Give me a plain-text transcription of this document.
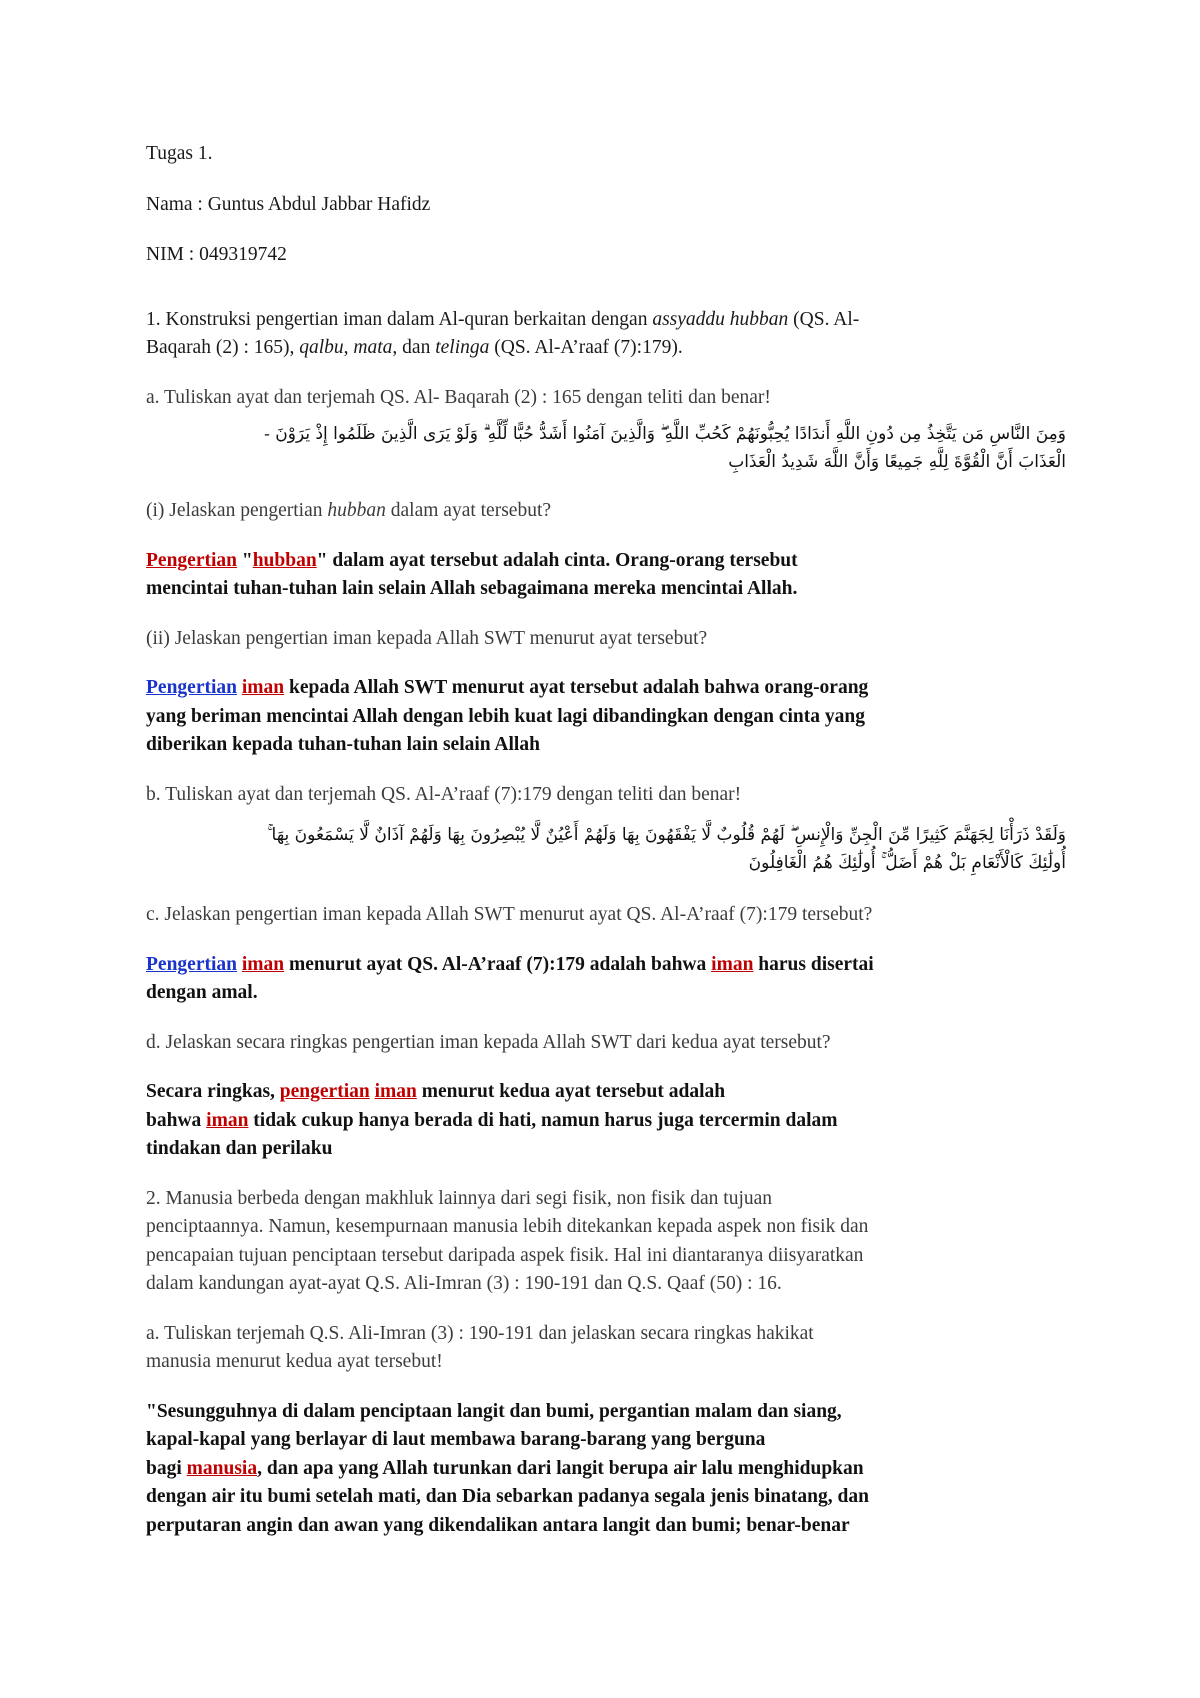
Tugas 1.

Nama : Guntus Abdul Jabbar Hafidz

NIM : 049319742

1. Konstruksi pengertian iman dalam Al-quran berkaitan dengan assyaddu hubban (QS. Al-
Baqarah (2) : 165), qalbu, mata, dan telinga (QS. Al-A’raaf (7):179).

a. Tuliskan ayat dan terjemah QS. Al- Baqarah (2) : 165 dengan teliti dan benar!

وَمِنَ النَّاسِ مَن يَتَّخِذُ مِن دُونِ اللَّهِ أَندَادًا يُحِبُّونَهُمْ كَحُبِّ اللَّهِ ۖ وَالَّذِينَ آمَنُوا أَشَدُّ حُبًّا لِّلَّهِ ۗ وَلَوْ يَرَى الَّذِينَ ظَلَمُوا إِذْ يَرَوْنَ -

الْعَذَابَ أَنَّ الْقُوَّةَ لِلَّهِ جَمِيعًا وَأَنَّ اللَّهَ شَدِيدُ الْعَذَابِ

(i) Jelaskan pengertian hubban dalam ayat tersebut?

Pengertian "hubban" dalam ayat tersebut adalah cinta. Orang-orang tersebut
mencintai tuhan-tuhan lain selain Allah sebagaimana mereka mencintai Allah.

(ii) Jelaskan pengertian iman kepada Allah SWT menurut ayat tersebut?

Pengertian iman kepada Allah SWT menurut ayat tersebut adalah bahwa orang-orang
yang beriman mencintai Allah dengan lebih kuat lagi dibandingkan dengan cinta yang
diberikan kepada tuhan-tuhan lain selain Allah

b. Tuliskan ayat dan terjemah QS. Al-A’raaf (7):179 dengan teliti dan benar!

وَلَقَدْ ذَرَأْنَا لِجَهَنَّمَ كَثِيرًا مِّنَ الْجِنِّ وَالْإِنسِ ۖ لَهُمْ قُلُوبٌ لَّا يَفْقَهُونَ بِهَا وَلَهُمْ أَعْيُنٌ لَّا يُبْصِرُونَ بِهَا وَلَهُمْ آذَانٌ لَّا يَسْمَعُونَ بِهَا ۚ

أُولَٰئِكَ كَالْأَنْعَامِ بَلْ هُمْ أَضَلُّ ۚ أُولَٰئِكَ هُمُ الْغَافِلُونَ

c. Jelaskan pengertian iman kepada Allah SWT menurut ayat QS. Al-A’raaf (7):179 tersebut?

Pengertian iman menurut ayat QS. Al-A’raaf (7):179 adalah bahwa iman harus disertai
dengan amal.

d. Jelaskan secara ringkas pengertian iman kepada Allah SWT dari kedua ayat tersebut?

Secara ringkas, pengertian iman menurut kedua ayat tersebut adalah
bahwa iman tidak cukup hanya berada di hati, namun harus juga tercermin dalam
tindakan dan perilaku

2. Manusia berbeda dengan makhluk lainnya dari segi fisik, non fisik dan tujuan
penciptaannya. Namun, kesempurnaan manusia lebih ditekankan kepada aspek non fisik dan
pencapaian tujuan penciptaan tersebut daripada aspek fisik. Hal ini diantaranya diisyaratkan
dalam kandungan ayat-ayat Q.S. Ali-Imran (3) : 190-191 dan Q.S. Qaaf (50) : 16.

a. Tuliskan terjemah Q.S. Ali-Imran (3) : 190-191 dan jelaskan secara ringkas hakikat
manusia menurut kedua ayat tersebut!

"Sesungguhnya di dalam penciptaan langit dan bumi, pergantian malam dan siang,
kapal-kapal yang berlayar di laut membawa barang-barang yang berguna
bagi manusia, dan apa yang Allah turunkan dari langit berupa air lalu menghidupkan
dengan air itu bumi setelah mati, dan Dia sebarkan padanya segala jenis binatang, dan
perputaran angin dan awan yang dikendalikan antara langit dan bumi; benar-benar
